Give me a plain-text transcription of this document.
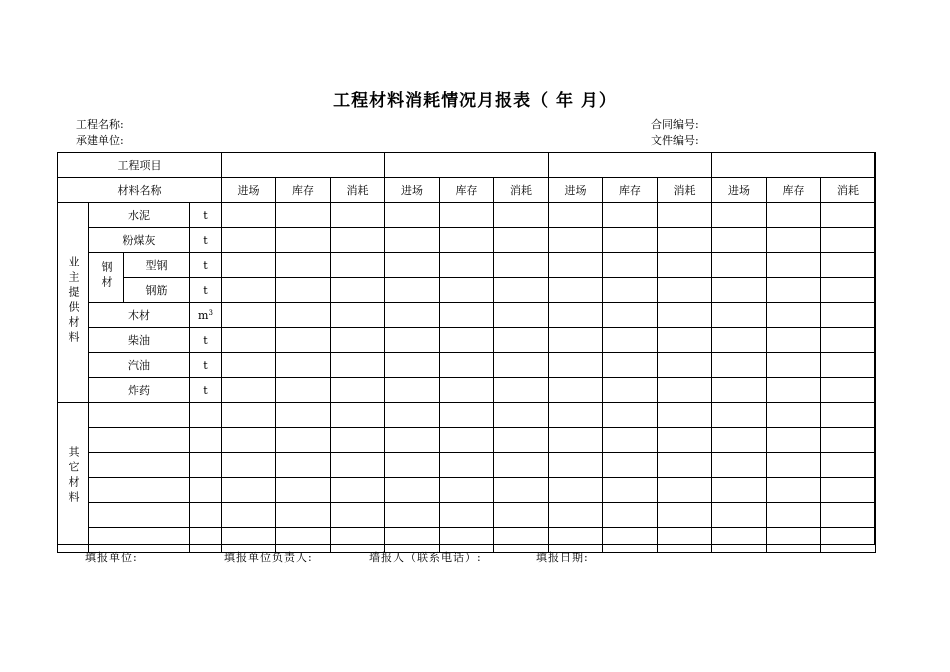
工程材料消耗情况月报表（ 年 月）
工程名称:
承建单位:
合同编号:
文件编号:
工程项目															
材料名称				进场	库存	消耗	进场	库存	消耗	进场	库存	消耗	进场	库存	消耗
业主提供材料	水泥		t												
	粉煤灰		t												
	钢材	型钢	t												
		钢筋	t												
	木材		$m^3$												
	柴油		t												
	汽油		t												
	炸药		t												
其它材料															

填报单位:	填报单位负责人:	墙报人（联系电话）:	填报日期:
